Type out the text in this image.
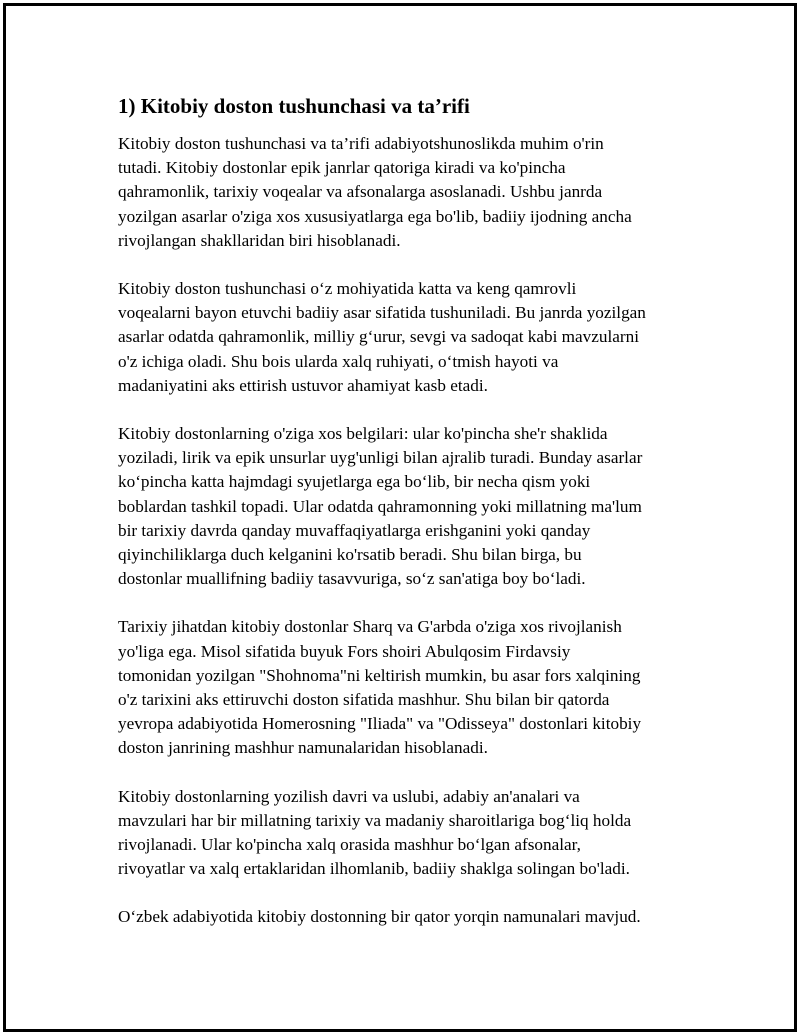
1) Kitobiy doston tushunchasi va ta’rifi
Kitobiy doston tushunchasi va ta’rifi adabiyotshunoslikda muhim o'rin
tutadi. Kitobiy dostonlar epik janrlar qatoriga kiradi va ko'pincha
qahramonlik, tarixiy voqealar va afsonalarga asoslanadi. Ushbu janrda
yozilgan asarlar o'ziga xos xususiyatlarga ega bo'lib, badiiy ijodning ancha
rivojlangan shakllaridan biri hisoblanadi.
Kitobiy doston tushunchasi o‘z mohiyatida katta va keng qamrovli
voqealarni bayon etuvchi badiiy asar sifatida tushuniladi. Bu janrda yozilgan
asarlar odatda qahramonlik, milliy g‘urur, sevgi va sadoqat kabi mavzularni
o'z ichiga oladi. Shu bois ularda xalq ruhiyati, o‘tmish hayoti va
madaniyatini aks ettirish ustuvor ahamiyat kasb etadi.
Kitobiy dostonlarning o'ziga xos belgilari: ular ko'pincha she'r shaklida
yoziladi, lirik va epik unsurlar uyg'unligi bilan ajralib turadi. Bunday asarlar
ko‘pincha katta hajmdagi syujetlarga ega bo‘lib, bir necha qism yoki
boblardan tashkil topadi. Ular odatda qahramonning yoki millatning ma'lum
bir tarixiy davrda qanday muvaffaqiyatlarga erishganini yoki qanday
qiyinchiliklarga duch kelganini ko'rsatib beradi. Shu bilan birga, bu
dostonlar muallifning badiiy tasavvuriga, so‘z san'atiga boy bo‘ladi.
Tarixiy jihatdan kitobiy dostonlar Sharq va G'arbda o'ziga xos rivojlanish
yo'liga ega. Misol sifatida buyuk Fors shoiri Abulqosim Firdavsiy
tomonidan yozilgan "Shohnoma"ni keltirish mumkin, bu asar fors xalqining
o'z tarixini aks ettiruvchi doston sifatida mashhur. Shu bilan bir qatorda
yevropa adabiyotida Homerosning "Iliada" va "Odisseya" dostonlari kitobiy
doston janrining mashhur namunalaridan hisoblanadi.
Kitobiy dostonlarning yozilish davri va uslubi, adabiy an'analari va
mavzulari har bir millatning tarixiy va madaniy sharoitlariga bog‘liq holda
rivojlanadi. Ular ko'pincha xalq orasida mashhur bo‘lgan afsonalar,
rivoyatlar va xalq ertaklaridan ilhomlanib, badiiy shaklga solingan bo'ladi.
O‘zbek adabiyotida kitobiy dostonning bir qator yorqin namunalari mavjud.
